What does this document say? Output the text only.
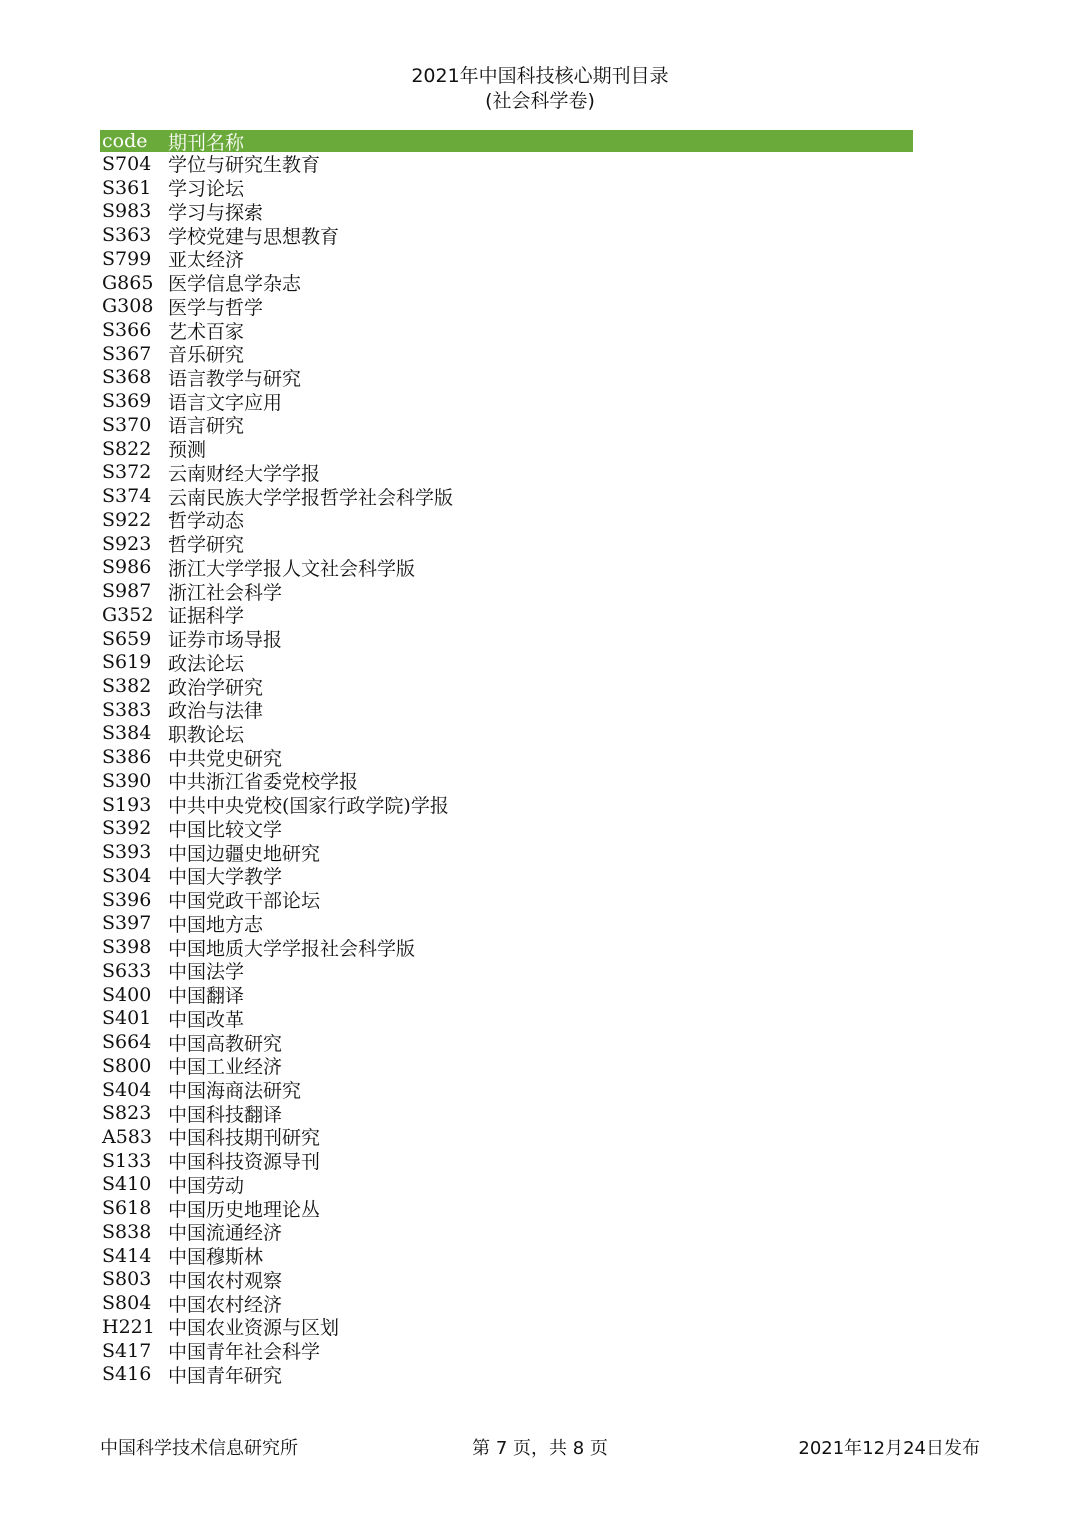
2021年中国科技核心期刊目录
(社会科学卷)
code	期刊名称
S704 学位与研究生教育
S361 学习论坛
S983 学习与探索
S363 学校党建与思想教育
S799 亚太经济
G865 医学信息学杂志
G308 医学与哲学
S366 艺术百家
S367 音乐研究
S368 语言教学与研究
S369 语言文字应用
S370 语言研究
S822 预测
S372 云南财经大学学报
S374 云南民族大学学报哲学社会科学版
S922 哲学动态
S923 哲学研究
S986 浙江大学学报人文社会科学版
S987 浙江社会科学
G352 证据科学
S659 证券市场导报
S619 政法论坛
S382 政治学研究
S383 政治与法律
S384 职教论坛
S386 中共党史研究
S390 中共浙江省委党校学报
S193 中共中央党校(国家行政学院)学报
S392 中国比较文学
S393 中国边疆史地研究
S304 中国大学教学
S396 中国党政干部论坛
S397 中国地方志
S398 中国地质大学学报社会科学版
S633 中国法学
S400 中国翻译
S401 中国改革
S664 中国高教研究
S800 中国工业经济
S404 中国海商法研究
S823 中国科技翻译
A583 中国科技期刊研究
S133 中国科技资源导刊
S410 中国劳动
S618 中国历史地理论丛
S838 中国流通经济
S414 中国穆斯林
S803 中国农村观察
S804 中国农村经济
H221 中国农业资源与区划
S417 中国青年社会科学
S416 中国青年研究
中国科学技术信息研究所	第 7 页，共 8 页	2021年12月24日发布
